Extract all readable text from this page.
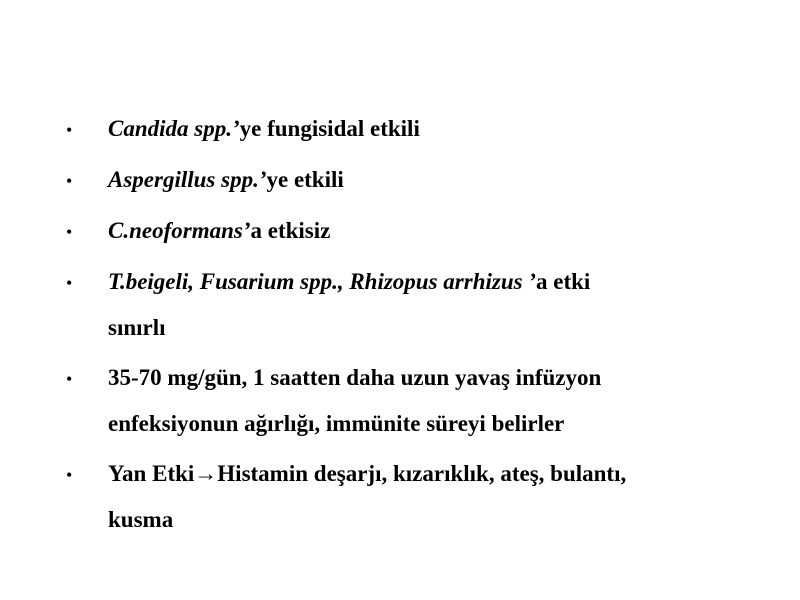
• Candida spp.’ye fungisidal etkili
• Aspergillus spp.’ye etkili
• C.neoformans’a etkisiz
• T.beigeli, Fusarium spp., Rhizopus arrhizus ’a etki
sınırlı
• 35-70 mg/gün, 1 saatten daha uzun yavaş infüzyon
enfeksiyonun ağırlığı, immünite süreyi belirler
• Yan Etki→Histamin deşarjı, kızarıklık, ateş, bulantı,
kusma
